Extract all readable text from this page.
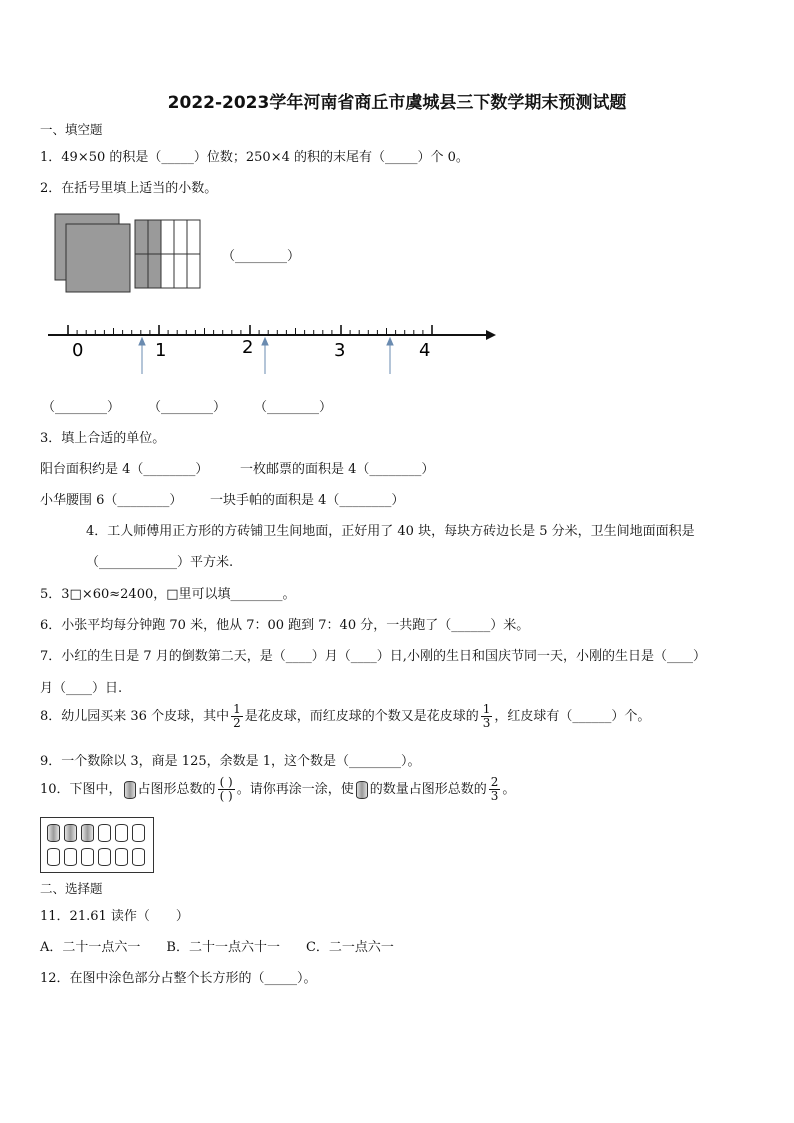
2022-2023学年河南省商丘市虞城县三下数学期末预测试题
一、填空题
1．49×50 的积是（_____）位数；250×4 的积的末尾有（_____）个 0。
2．在括号里填上适当的小数。
（________）
0	1	2	3	4
（________） （________） （________）
3．填上合适的单位。
阳台面积约是 4（________） 一枚邮票的面积是 4（________）
小华腰围 6（________） 一块手帕的面积是 4（________）
4．工人师傅用正方形的方砖铺卫生间地面，正好用了 40 块，每块方砖边长是 5 分米，卫生间地面面积是
（____________）平方米.
5．3□×60≈2400，□里可以填________。
6．小张平均每分钟跑 70 米，他从 7：00 跑到 7：40 分，一共跑了（______）米。
7．小红的生日是 7 月的倒数第二天，是（____）月（____）日,小刚的生日和国庆节同一天，小刚的生日是（____）
月（____）日.
8．幼儿园买来 36 个皮球，其中 $\frac{1}{2}$ 是花皮球，而红皮球的个数又是花皮球的 $\frac{1}{3}$ ，红皮球有（______）个。
9．一个数除以 3，商是 125，余数是 1，这个数是（________）。
10．下图中， 占图形总数的 $\frac{( )}{( )}$ 。请你再涂一涂，使 的数量占图形总数的 $\frac{2}{3}$ 。
二、选择题
11．21.61 读作（　　）
A．二十一点六一　　B．二十一点六十一　　C．二一点六一
12．在图中涂色部分占整个长方形的（_____）。
